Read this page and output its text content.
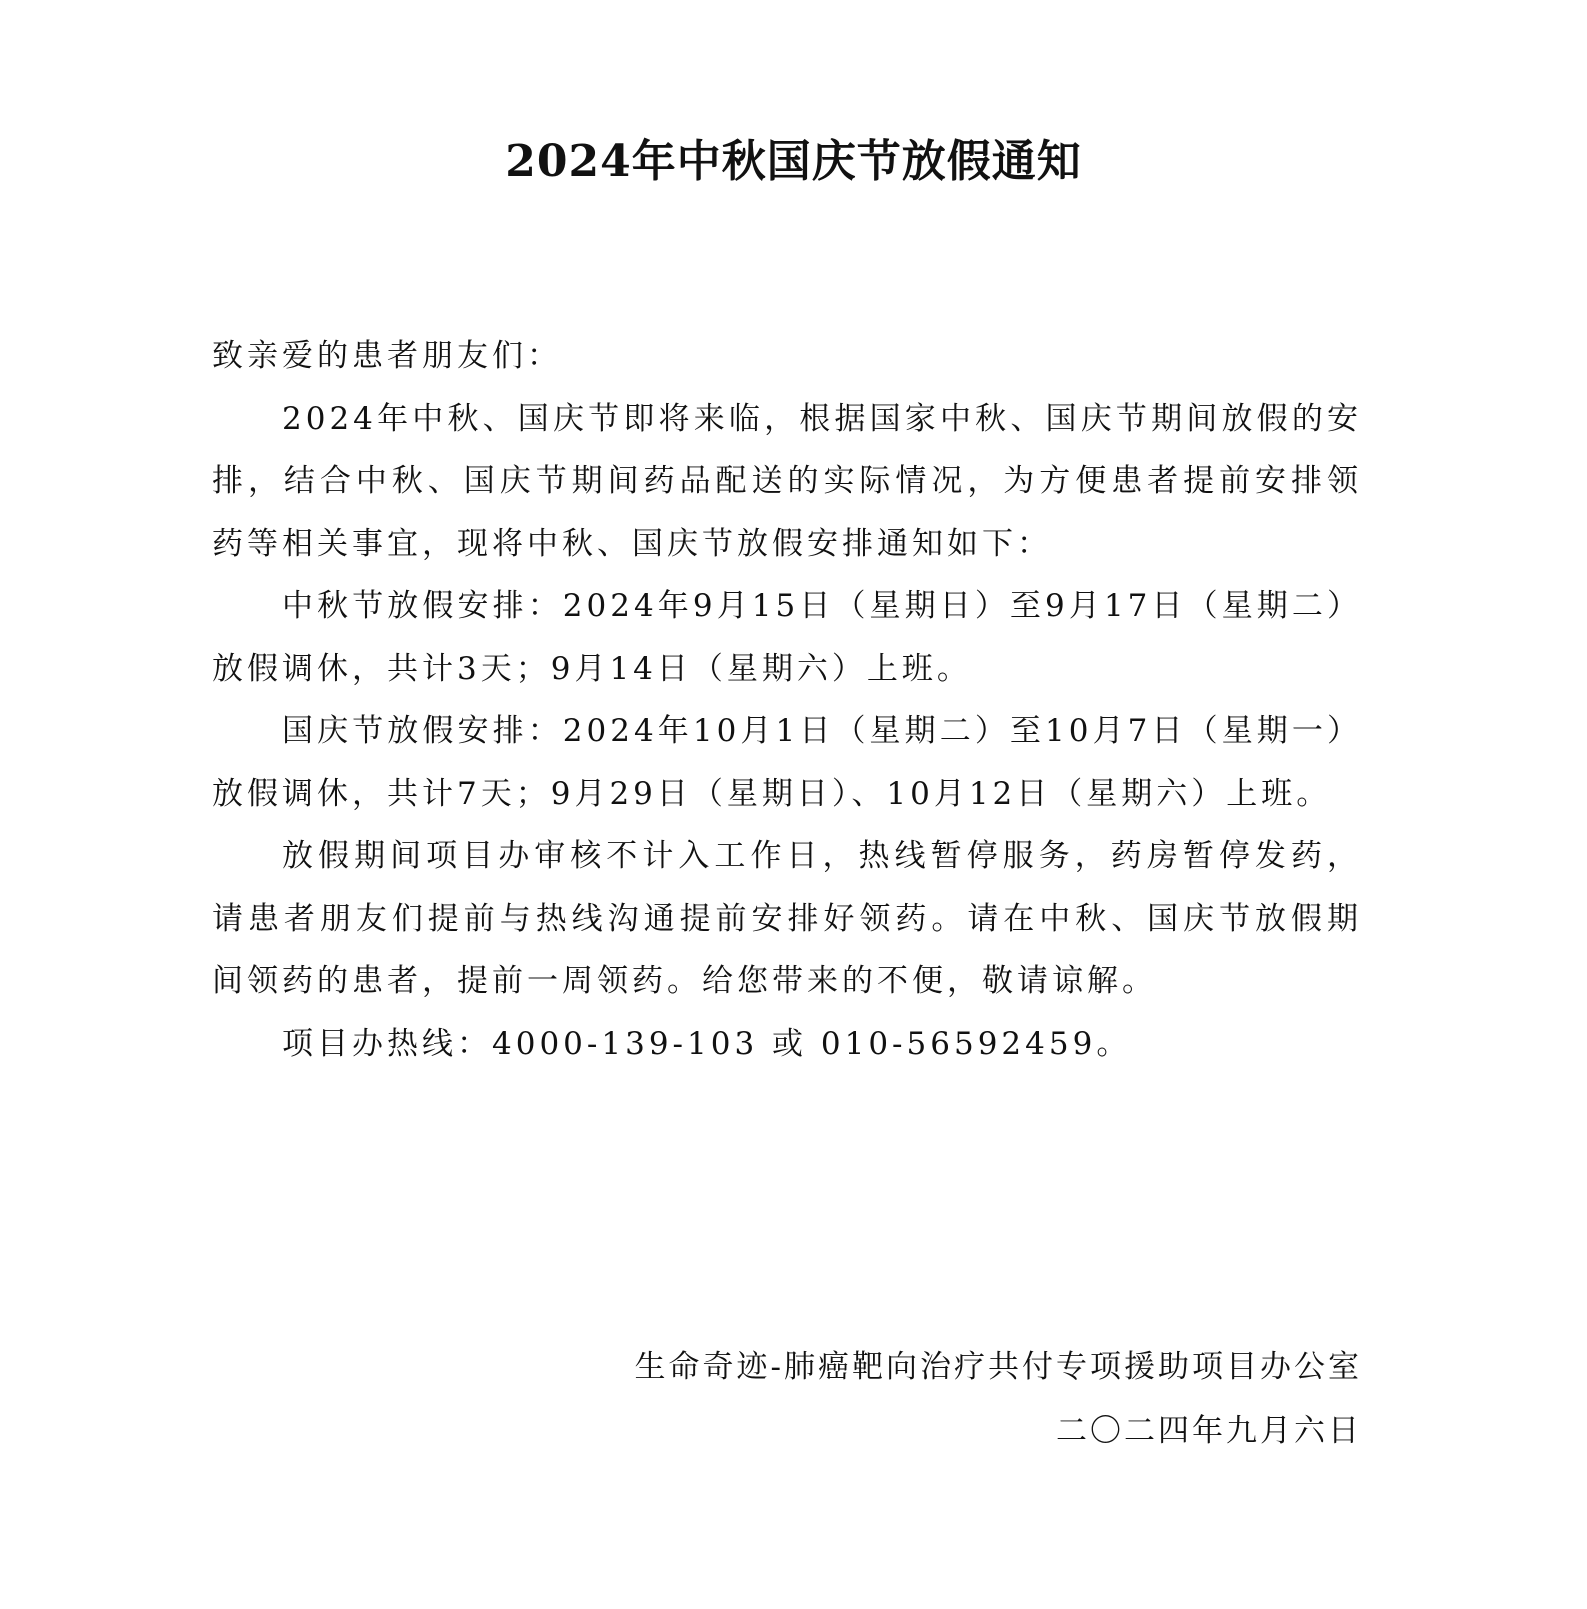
2024年中秋国庆节放假通知

致亲爱的患者朋友们：

2024年中秋、国庆节即将来临，根据国家中秋、国庆节期间放假的安排，结合中秋、国庆节期间药品配送的实际情况，为方便患者提前安排领药等相关事宜，现将中秋、国庆节放假安排通知如下：

中秋节放假安排：2024年9月15日（星期日）至9月17日（星期二）放假调休，共计3天；9月14日（星期六）上班。

国庆节放假安排：2024年10月1日（星期二）至10月7日（星期一）放假调休，共计7天；9月29日（星期日）、10月12日（星期六）上班。

放假期间项目办审核不计入工作日，热线暂停服务，药房暂停发药，请患者朋友们提前与热线沟通提前安排好领药。请在中秋、国庆节放假期间领药的患者，提前一周领药。给您带来的不便，敬请谅解。

项目办热线：4000-139-103 或 010-56592459。

生命奇迹-肺癌靶向治疗共付专项援助项目办公室

二〇二四年九月六日
